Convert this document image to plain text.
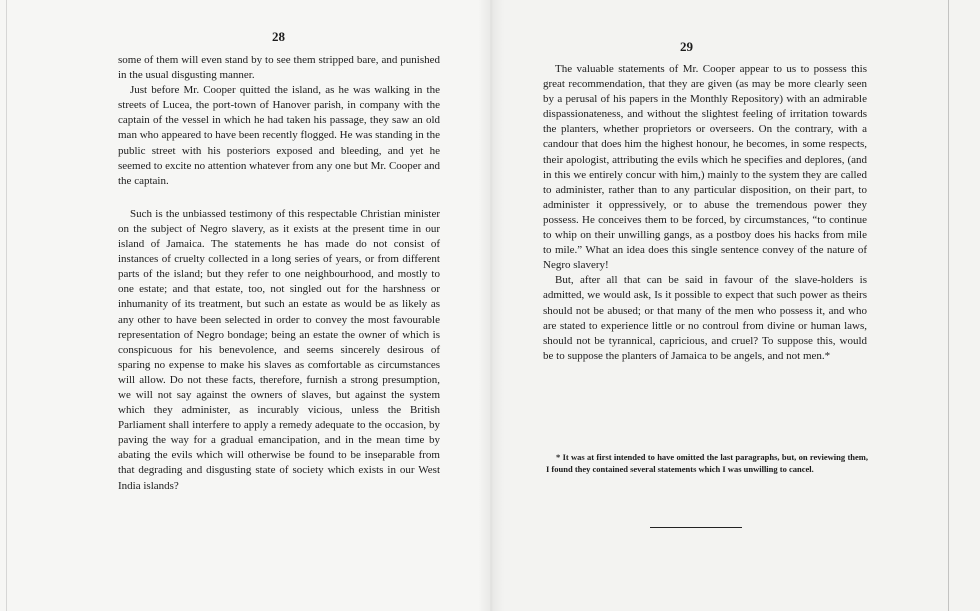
28

some of them will even stand by to see them stripped bare, and punished in the usual disgusting manner.

Just before Mr. Cooper quitted the island, as he was walking in the streets of Lucea, the port-town of Hanover parish, in company with the captain of the vessel in which he had taken his passage, they saw an old man who appeared to have been recently flogged. He was standing in the public street with his posteriors exposed and bleeding, and yet he seemed to excite no attention whatever from any one but Mr. Cooper and the captain.

Such is the unbiassed testimony of this respectable Christian minister on the subject of Negro slavery, as it exists at the present time in our island of Jamaica. The statements he has made do not consist of instances of cruelty collected in a long series of years, or from different parts of the island; but they refer to one neighbourhood, and mostly to one estate; and that estate, too, not singled out for the harshness or inhumanity of its treatment, but such an estate as would be as likely as any other to have been selected in order to convey the most favourable representation of Negro bondage; being an estate the owner of which is conspicuous for his benevolence, and seems sincerely desirous of sparing no expense to make his slaves as comfortable as circumstances will allow. Do not these facts, therefore, furnish a strong presumption, we will not say against the owners of slaves, but against the system which they administer, as incurably vicious, unless the British Parliament shall interfere to apply a remedy adequate to the occasion, by paving the way for a gradual emancipation, and in the mean time by abating the evils which will otherwise be found to be inseparable from that degrading and disgusting state of society which exists in our West India islands?

29

The valuable statements of Mr. Cooper appear to us to possess this great recommendation, that they are given (as may be more clearly seen by a perusal of his papers in the Monthly Repository) with an admirable dispassionateness, and without the slightest feeling of irritation towards the planters, whether proprietors or overseers. On the contrary, with a candour that does him the highest honour, he becomes, in some respects, their apologist, attributing the evils which he specifies and deplores, (and in this we entirely concur with him,) mainly to the system they are called to administer, rather than to any particular disposition, on their part, to administer it oppressively, or to abuse the tremendous power they possess. He conceives them to be forced, by circumstances, “to continue to whip on their unwilling gangs, as a postboy does his hacks from mile to mile.” What an idea does this single sentence convey of the nature of Negro slavery!

But, after all that can be said in favour of the slave-holders is admitted, we would ask, Is it possible to expect that such power as theirs should not be abused; or that many of the men who possess it, and who are stated to experience little or no controul from divine or human laws, should not be tyrannical, capricious, and cruel? To suppose this, would be to suppose the planters of Jamaica to be angels, and not men.*

* It was at first intended to have omitted the last paragraphs, but, on reviewing them, I found they contained several statements which I was unwilling to cancel.
